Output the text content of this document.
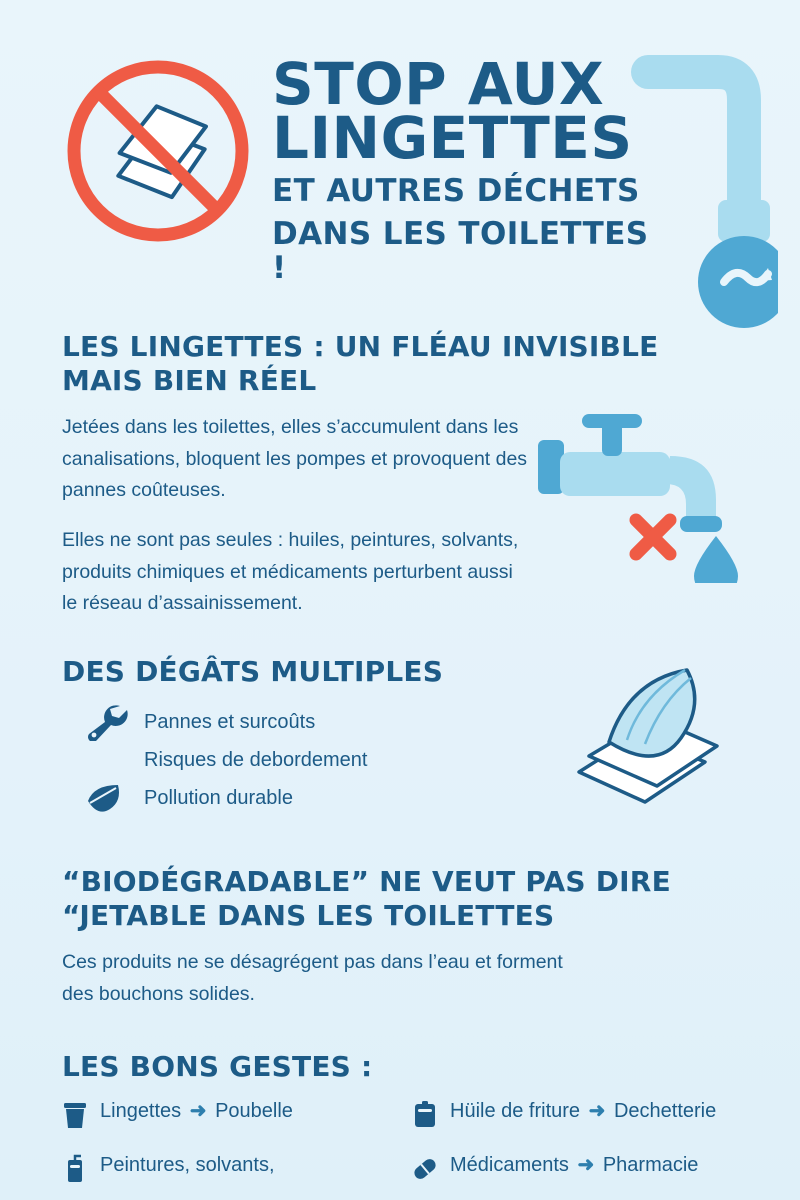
STOP AUX
LINGETTES
ET AUTRES DÉCHETS
DANS LES TOILETTES !
LES LINGETTES : UN FLÉAU INVISIBLE
MAIS BIEN RÉEL

Jetées dans les toilettes, elles s’accumulent dans les canalisations, bloquent les pompes et provoquent des pannes coûteuses.

Elles ne sont pas seules : huiles, peintures, solvants, produits chimiques et médicaments perturbent aussi le réseau d’assainissement.

DES DÉGÂTS MULTIPLES
Pannes et surcoûts
Risques de debordement
Pollution durable
“BIODÉGRADABLE” NE VEUT PAS DIRE
“JETABLE DANS LES TOILETTES

Ces produits ne se désagrégent pas dans l’eau et forment des bouchons solides.

LES BONS GESTES :
Lingettes ➜ Poubelle	Hüile de friture ➜ Dechetterie
Peintures, solvants,	Médicaments ➜ Pharmacie
